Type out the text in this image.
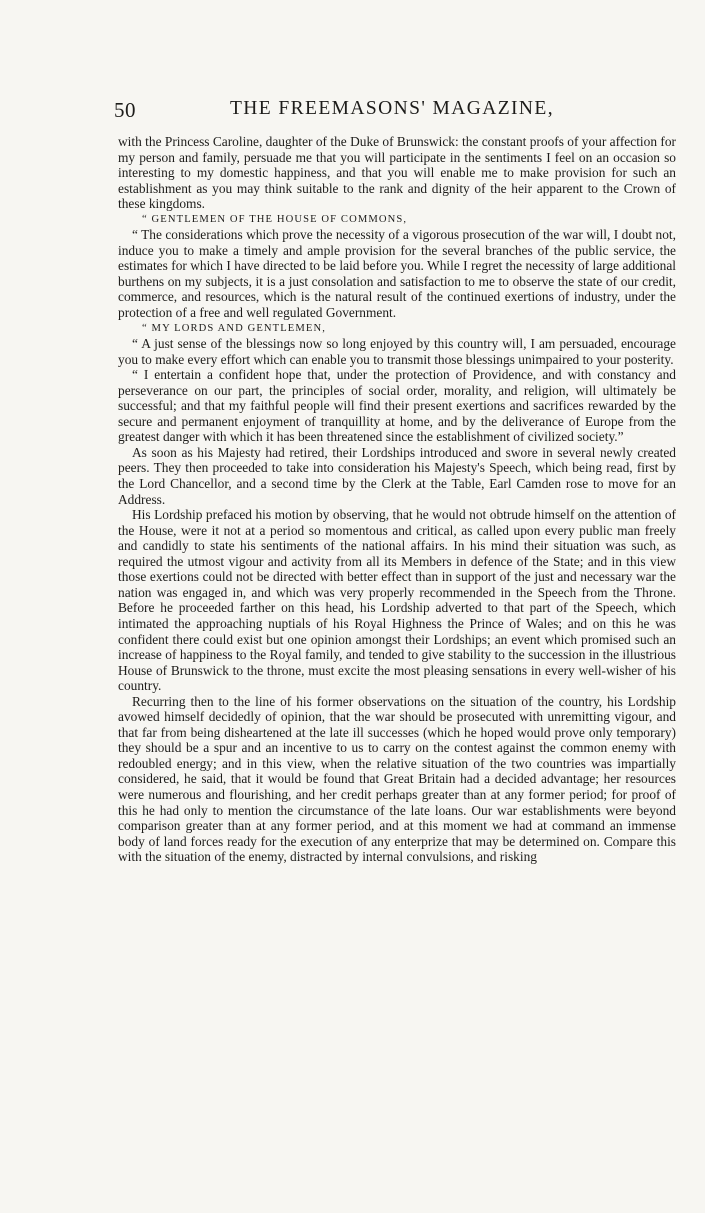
50	THE FREEMASONS' MAGAZINE,

with the Princess Caroline, daughter of the Duke of Brunswick: the constant proofs of your affection for my person and family, persuade me that you will participate in the sentiments I feel on an occasion so interesting to my domestic happiness, and that you will enable me to make provision for such an establishment as you may think suitable to the rank and dignity of the heir apparent to the Crown of these kingdoms.

“ GENTLEMEN OF THE HOUSE OF COMMONS,

“ The considerations which prove the necessity of a vigorous prosecution of the war will, I doubt not, induce you to make a timely and ample provision for the several branches of the public service, the estimates for which I have directed to be laid before you. While I regret the necessity of large additional burthens on my subjects, it is a just consolation and satisfaction to me to observe the state of our credit, commerce, and resources, which is the natural result of the continued exertions of industry, under the protection of a free and well regulated Government.

“ MY LORDS AND GENTLEMEN,

“ A just sense of the blessings now so long enjoyed by this country will, I am persuaded, encourage you to make every effort which can enable you to transmit those blessings unimpaired to your posterity.

“ I entertain a confident hope that, under the protection of Providence, and with constancy and perseverance on our part, the principles of social order, morality, and religion, will ultimately be successful; and that my faithful people will find their present exertions and sacrifices rewarded by the secure and permanent enjoyment of tranquillity at home, and by the deliverance of Europe from the greatest danger with which it has been threatened since the establishment of civilized society.”

As soon as his Majesty had retired, their Lordships introduced and swore in several newly created peers. They then proceeded to take into consideration his Majesty's Speech, which being read, first by the Lord Chancellor, and a second time by the Clerk at the Table, Earl Camden rose to move for an Address.

His Lordship prefaced his motion by observing, that he would not obtrude himself on the attention of the House, were it not at a period so momentous and critical, as called upon every public man freely and candidly to state his sentiments of the national affairs. In his mind their situation was such, as required the utmost vigour and activity from all its Members in defence of the State; and in this view those exertions could not be directed with better effect than in support of the just and necessary war the nation was engaged in, and which was very properly recommended in the Speech from the Throne. Before he proceeded farther on this head, his Lordship adverted to that part of the Speech, which intimated the approaching nuptials of his Royal Highness the Prince of Wales; and on this he was confident there could exist but one opinion amongst their Lordships; an event which promised such an increase of happiness to the Royal family, and tended to give stability to the succession in the illustrious House of Brunswick to the throne, must excite the most pleasing sensations in every well-wisher of his country.

Recurring then to the line of his former observations on the situation of the country, his Lordship avowed himself decidedly of opinion, that the war should be prosecuted with unremitting vigour, and that far from being disheartened at the late ill successes (which he hoped would prove only temporary) they should be a spur and an incentive to us to carry on the contest against the common enemy with redoubled energy; and in this view, when the relative situation of the two countries was impartially considered, he said, that it would be found that Great Britain had a decided advantage; her resources were numerous and flourishing, and her credit perhaps greater than at any former period; for proof of this he had only to mention the circumstance of the late loans. Our war establishments were beyond comparison greater than at any former period, and at this moment we had at command an immense body of land forces ready for the execution of any enterprize that may be determined on. Compare this with the situation of the enemy, distracted by internal convulsions, and risking
